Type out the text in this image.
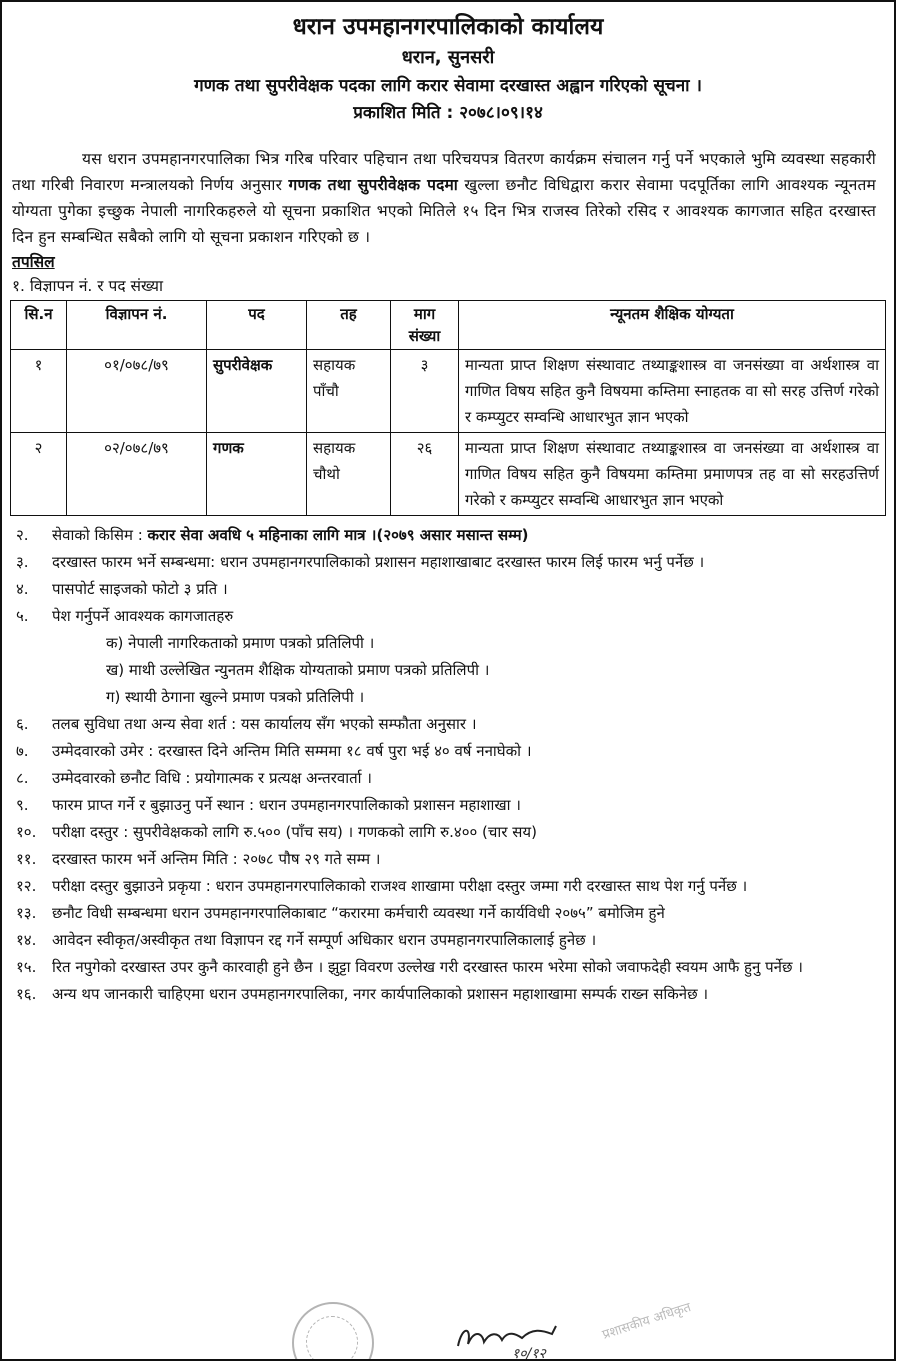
धरान उपमहानगरपालिकाको कार्यालय
धरान, सुनसरी
गणक तथा सुपरीवेक्षक पदका लागि करार सेवामा दरखास्त अह्वान गरिएको सूचना ।
प्रकाशित मिति : २०७८।०९।१४
यस धरान उपमहानगरपालिका भित्र गरिब परिवार पहिचान तथा परिचयपत्र वितरण कार्यक्रम संचालन गर्नु पर्ने भएकाले भुमि व्यवस्था सहकारी तथा गरिबी निवारण मन्त्रालयको निर्णय अनुसार गणक तथा सुपरीवेक्षक पदमा खुल्ला छनौट विधिद्वारा करार सेवामा पदपूर्तिका लागि आवश्यक न्यूनतम योग्यता पुगेका इच्छुक नेपाली नागरिकहरुले यो सूचना प्रकाशित भएको मितिले १५ दिन भित्र राजस्व तिरेको रसिद र आवश्यक कागजात सहित दरखास्त दिन हुन सम्बन्धित सबैको लागि यो सूचना प्रकाशन गरिएको छ ।
तपसिल
१. विज्ञापन नं. र पद संख्या
सि.न	विज्ञापन नं.	पद	तह	माग संख्या	न्यूनतम शैक्षिक योग्यता
१	०१/०७८/७९	सुपरीवेक्षक	सहायक पाँचौ	३	मान्यता प्राप्त शिक्षण संस्थावाट तथ्याङ्कशास्त्र वा जनसंख्या वा अर्थशास्त्र वा गाणित विषय सहित कुनै विषयमा कम्तिमा स्नाहतक वा सो सरह उत्तिर्ण गरेको र कम्प्युटर सम्वन्धि आधारभुत ज्ञान भएको
२	०२/०७८/७९	गणक	सहायक चौथो	२६	मान्यता प्राप्त शिक्षण संस्थावाट तथ्याङ्कशास्त्र वा जनसंख्या वा अर्थशास्त्र वा गाणित विषय सहित कुनै विषयमा कम्तिमा प्रमाणपत्र तह वा सो सरहउत्तिर्ण गरेको र कम्प्युटर सम्वन्धि आधारभुत ज्ञान भएको
२.	सेवाको किसिम : करार सेवा अवधि ५ महिनाका लागि मात्र ।(२०७९ असार मसान्त सम्म)
३.	दरखास्त फारम भर्ने सम्बन्धमा: धरान उपमहानगरपालिकाको प्रशासन महाशाखाबाट दरखास्त फारम लिई फारम भर्नु पर्नेछ ।
४.	पासपोर्ट साइजको फोटो ३ प्रति ।
५.	पेश गर्नुपर्ने आवश्यक कागजातहरु
क) नेपाली नागरिकताको प्रमाण पत्रको प्रतिलिपी ।
ख) माथी उल्लेखित न्युनतम शैक्षिक योग्यताको प्रमाण पत्रको प्रतिलिपी ।
ग) स्थायी ठेगाना खुल्ने प्रमाण पत्रको प्रतिलिपी ।
६.	तलब सुविधा तथा अन्य सेवा शर्त : यस कार्यालय सँग भएको सम्फौता अनुसार ।
७.	उम्मेदवारको उमेर : दरखास्त दिने अन्तिम मिति सम्ममा १८ वर्ष पुरा भई ४० वर्ष ननाघेको ।
८.	उम्मेदवारको छनौट विधि : प्रयोगात्मक र प्रत्यक्ष अन्तरवार्ता ।
९.	फारम प्राप्त गर्ने र बुझाउनु पर्ने स्थान : धरान उपमहानगरपालिकाको प्रशासन महाशाखा ।
१०.	परीक्षा दस्तुर : सुपरीवेक्षकको लागि रु.५०० (पाँच सय) । गणकको लागि रु.४०० (चार सय)
११.	दरखास्त फारम भर्ने अन्तिम मिति : २०७८ पौष २९ गते सम्म ।
१२.	परीक्षा दस्तुर बुझाउने प्रकृया : धरान उपमहानगरपालिकाको राजश्व शाखामा परीक्षा दस्तुर जम्मा गरी दरखास्त साथ पेश गर्नु पर्नेछ ।
१३.	छनौट विधी सम्बन्धमा धरान उपमहानगरपालिकाबाट “करारमा कर्मचारी व्यवस्था गर्ने कार्यविधी २०७५” बमोजिम हुने
१४.	आवेदन स्वीकृत/अस्वीकृत तथा विज्ञापन रद्द गर्ने सम्पूर्ण अधिकार धरान उपमहानगरपालिकालाई हुनेछ ।
१५.	रित नपुगेको दरखास्त उपर कुनै कारवाही हुने छैन । झुट्टा विवरण उल्लेख गरी दरखास्त फारम भरेमा सोको जवाफदेही स्वयम आफै हुनु पर्नेछ ।
१६.	अन्य थप जानकारी चाहिएमा धरान उपमहानगरपालिका, नगर कार्यपालिकाको प्रशासन महाशाखामा सम्पर्क राख्न सकिनेछ ।
१०/१२
प्रशासकीय अधिकृत
